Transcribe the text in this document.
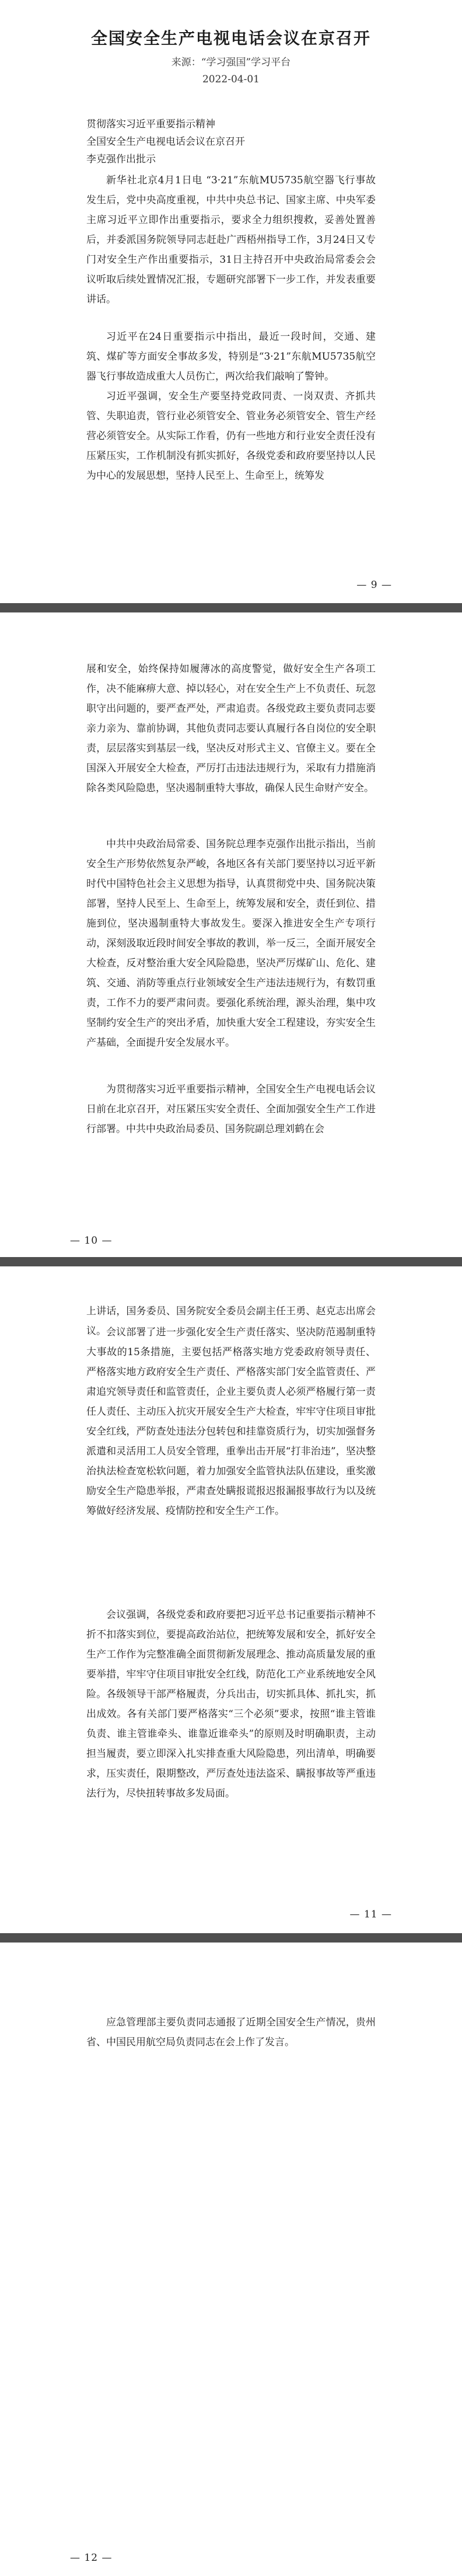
全国安全生产电视电话会议在京召开
来源：“学习强国”学习平台
2022-04-01
贯彻落实习近平重要指示精神
全国安全生产电视电话会议在京召开
李克强作出批示
新华社北京4月1日电 “3·21”东航MU5735航空器飞行事故发生后，党中央高度重视，中共中央总书记、国家主席、中央军委主席习近平立即作出重要指示，要求全力组织搜救，妥善处置善后，并委派国务院领导同志赶赴广西梧州指导工作，3月24日又专门对安全生产作出重要指示，31日主持召开中央政治局常委会会议听取后续处置情况汇报，专题研究部署下一步工作，并发表重要讲话。
习近平在24日重要指示中指出，最近一段时间，交通、建筑、煤矿等方面安全事故多发，特别是“3·21”东航MU5735航空器飞行事故造成重大人员伤亡，两次给我们敲响了警钟。
习近平强调，安全生产要坚持党政同责、一岗双责、齐抓共管、失职追责，管行业必须管安全、管业务必须管安全、管生产经营必须管安全。从实际工作看，仍有一些地方和行业安全责任没有压紧压实，工作机制没有抓实抓好，各级党委和政府要坚持以人民为中心的发展思想，坚持人民至上、生命至上，统筹发
— 9 —
展和安全，始终保持如履薄冰的高度警觉，做好安全生产各项工作，决不能麻痹大意、掉以轻心，对在安全生产上不负责任、玩忽职守出问题的，要严查严处，严肃追责。各级党政主要负责同志要亲力亲为、靠前协调，其他负责同志要认真履行各自岗位的安全职责，层层落实到基层一线，坚决反对形式主义、官僚主义。要在全国深入开展安全大检查，严厉打击违法违规行为，采取有力措施消除各类风险隐患，坚决遏制重特大事故，确保人民生命财产安全。
中共中央政治局常委、国务院总理李克强作出批示指出，当前安全生产形势依然复杂严峻，各地区各有关部门要坚持以习近平新时代中国特色社会主义思想为指导，认真贯彻党中央、国务院决策部署，坚持人民至上、生命至上，统筹发展和安全，责任到位、措施到位，坚决遏制重特大事故发生。要深入推进安全生产专项行动，深刻汲取近段时间安全事故的教训，举一反三，全面开展安全大检查，反对整治重大安全风险隐患，坚决严厉煤矿山、危化、建筑、交通、消防等重点行业领域安全生产违法违规行为，有数罚重责，工作不力的要严肃问责。要强化系统治理，源头治理，集中攻坚制约安全生产的突出矛盾，加快重大安全工程建设，夯实安全生产基础，全面提升安全发展水平。
为贯彻落实习近平重要指示精神，全国安全生产电视电话会议日前在北京召开，对压紧压实安全责任、全面加强安全生产工作进行部署。中共中央政治局委员、国务院副总理刘鹤在会
— 10 —
上讲话，国务委员、国务院安全委员会副主任王勇、赵克志出席会议。 会议部署了进一步强化安全生产责任落实、坚决防范遏制重特大事故的15条措施，主要包括严格落实地方党委政府领导责任、严格落实地方政府安全生产责任、严格落实部门安全监管责任、严肃追究领导责任和监管责任，企业主要负责人必须严格履行第一责任人责任、主动压入抗灾开展安全生产大检查，牢牢守住项目审批安全红线，严防查处违法分包转包和挂靠资质行为，切实加强督务派遣和灵活用工人员安全管理，重拳出击开展“打非治违”，坚决整治执法检查宽松软问题，着力加强安全监管执法队伍建设，重奖激励安全生产隐患举报，严肃查处瞒报谎报迟报漏报事故行为以及统筹做好经济发展、疫情防控和安全生产工作。
会议强调，各级党委和政府要把习近平总书记重要指示精神不折不扣落实到位，要提高政治站位，把统筹发展和安全，抓好安全生产工作作为完整准确全面贯彻新发展理念、推动高质量发展的重要举措，牢牢守住项目审批安全红线，防范化工产业系统地安全风险。各级领导干部严格履责，分兵出击，切实抓具体、抓扎实，抓出成效。各有关部门要严格落实“三个必须”要求，按照“谁主管谁负责、谁主管谁牵头、谁靠近谁牵头”的原则及时明确职责，主动担当履责，要立即深入扎实排查重大风险隐患，列出清单，明确要求，压实责任，限期整改，严厉查处违法盗采、瞒报事故等严重违法行为，尽快扭转事故多发局面。
— 11 —
应急管理部主要负责同志通报了近期全国安全生产情况，贵州省、中国民用航空局负责同志在会上作了发言。
— 12 —
